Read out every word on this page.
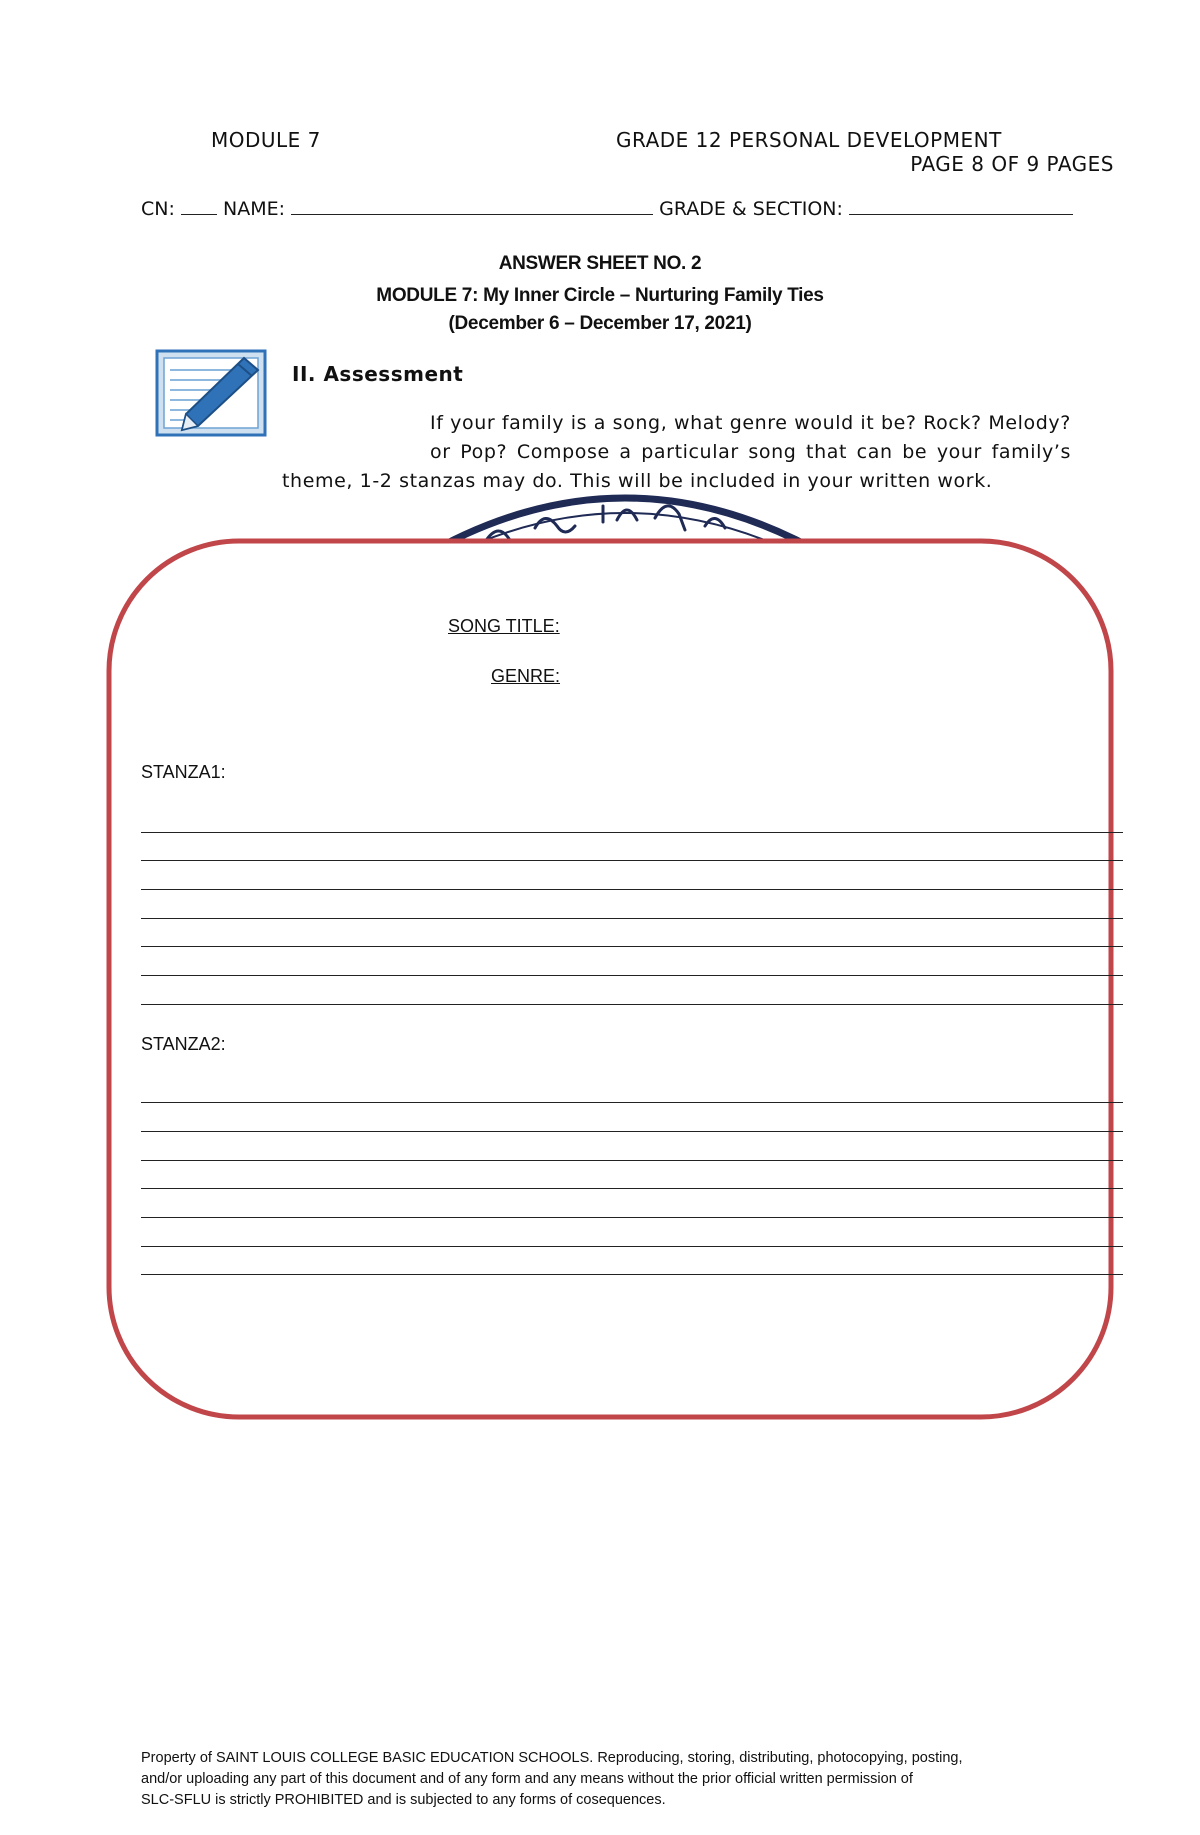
MODULE 7	GRADE 12 PERSONAL DEVELOPMENT
PAGE 8 OF 9 PAGES
CN:	NAME:	GRADE & SECTION:
ANSWER SHEET NO. 2
MODULE 7: My Inner Circle – Nurturing Family Ties
(December 6 – December 17, 2021)
II. Assessment
If your family is a song, what genre would it be? Rock? Melody?
or Pop? Compose a particular song that can be your family’s
theme, 1-2 stanzas may do. This will be included in your written work.
SONG TITLE:
GENRE:
STANZA1:
STANZA2:
Property of SAINT LOUIS COLLEGE BASIC EDUCATION SCHOOLS. Reproducing, storing, distributing, photocopying, posting,
and/or uploading any part of this document and of any form and any means without the prior official written permission of
SLC-SFLU is strictly PROHIBITED and is subjected to any forms of cosequences.
